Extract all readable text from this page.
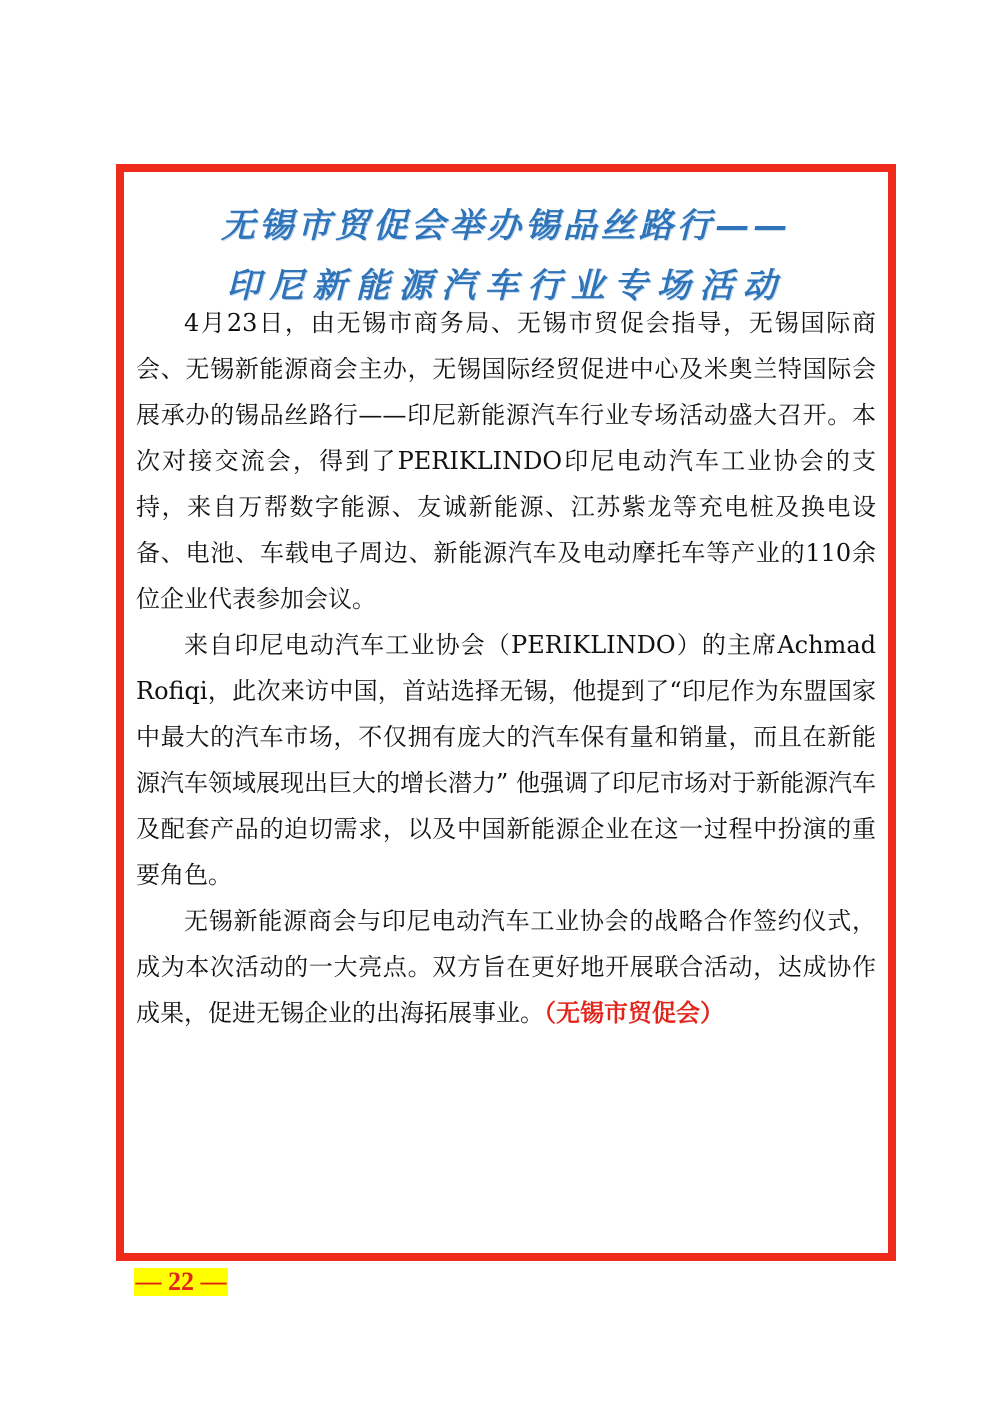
无锡市贸促会举办锡品丝路行——
印尼新能源汽车行业专场活动

4月23日，由无锡市商务局、无锡市贸促会指导，无锡国际商会、无锡新能源商会主办，无锡国际经贸促进中心及米奥兰特国际会展承办的锡品丝路行——印尼新能源汽车行业专场活动盛大召开。本次对接交流会，得到了PERIKLINDO印尼电动汽车工业协会的支持，来自万帮数字能源、友诚新能源、江苏紫龙等充电桩及换电设备、电池、车载电子周边、新能源汽车及电动摩托车等产业的110余位企业代表参加会议。

来自印尼电动汽车工业协会（PERIKLINDO）的主席Achmad Rofiqi，此次来访中国，首站选择无锡，他提到了“印尼作为东盟国家中最大的汽车市场，不仅拥有庞大的汽车保有量和销量，而且在新能源汽车领域展现出巨大的增长潜力” 他强调了印尼市场对于新能源汽车及配套产品的迫切需求，以及中国新能源企业在这一过程中扮演的重要角色。

无锡新能源商会与印尼电动汽车工业协会的战略合作签约仪式，成为本次活动的一大亮点。双方旨在更好地开展联合活动，达成协作成果，促进无锡企业的出海拓展事业。（无锡市贸促会）

— 22 —
